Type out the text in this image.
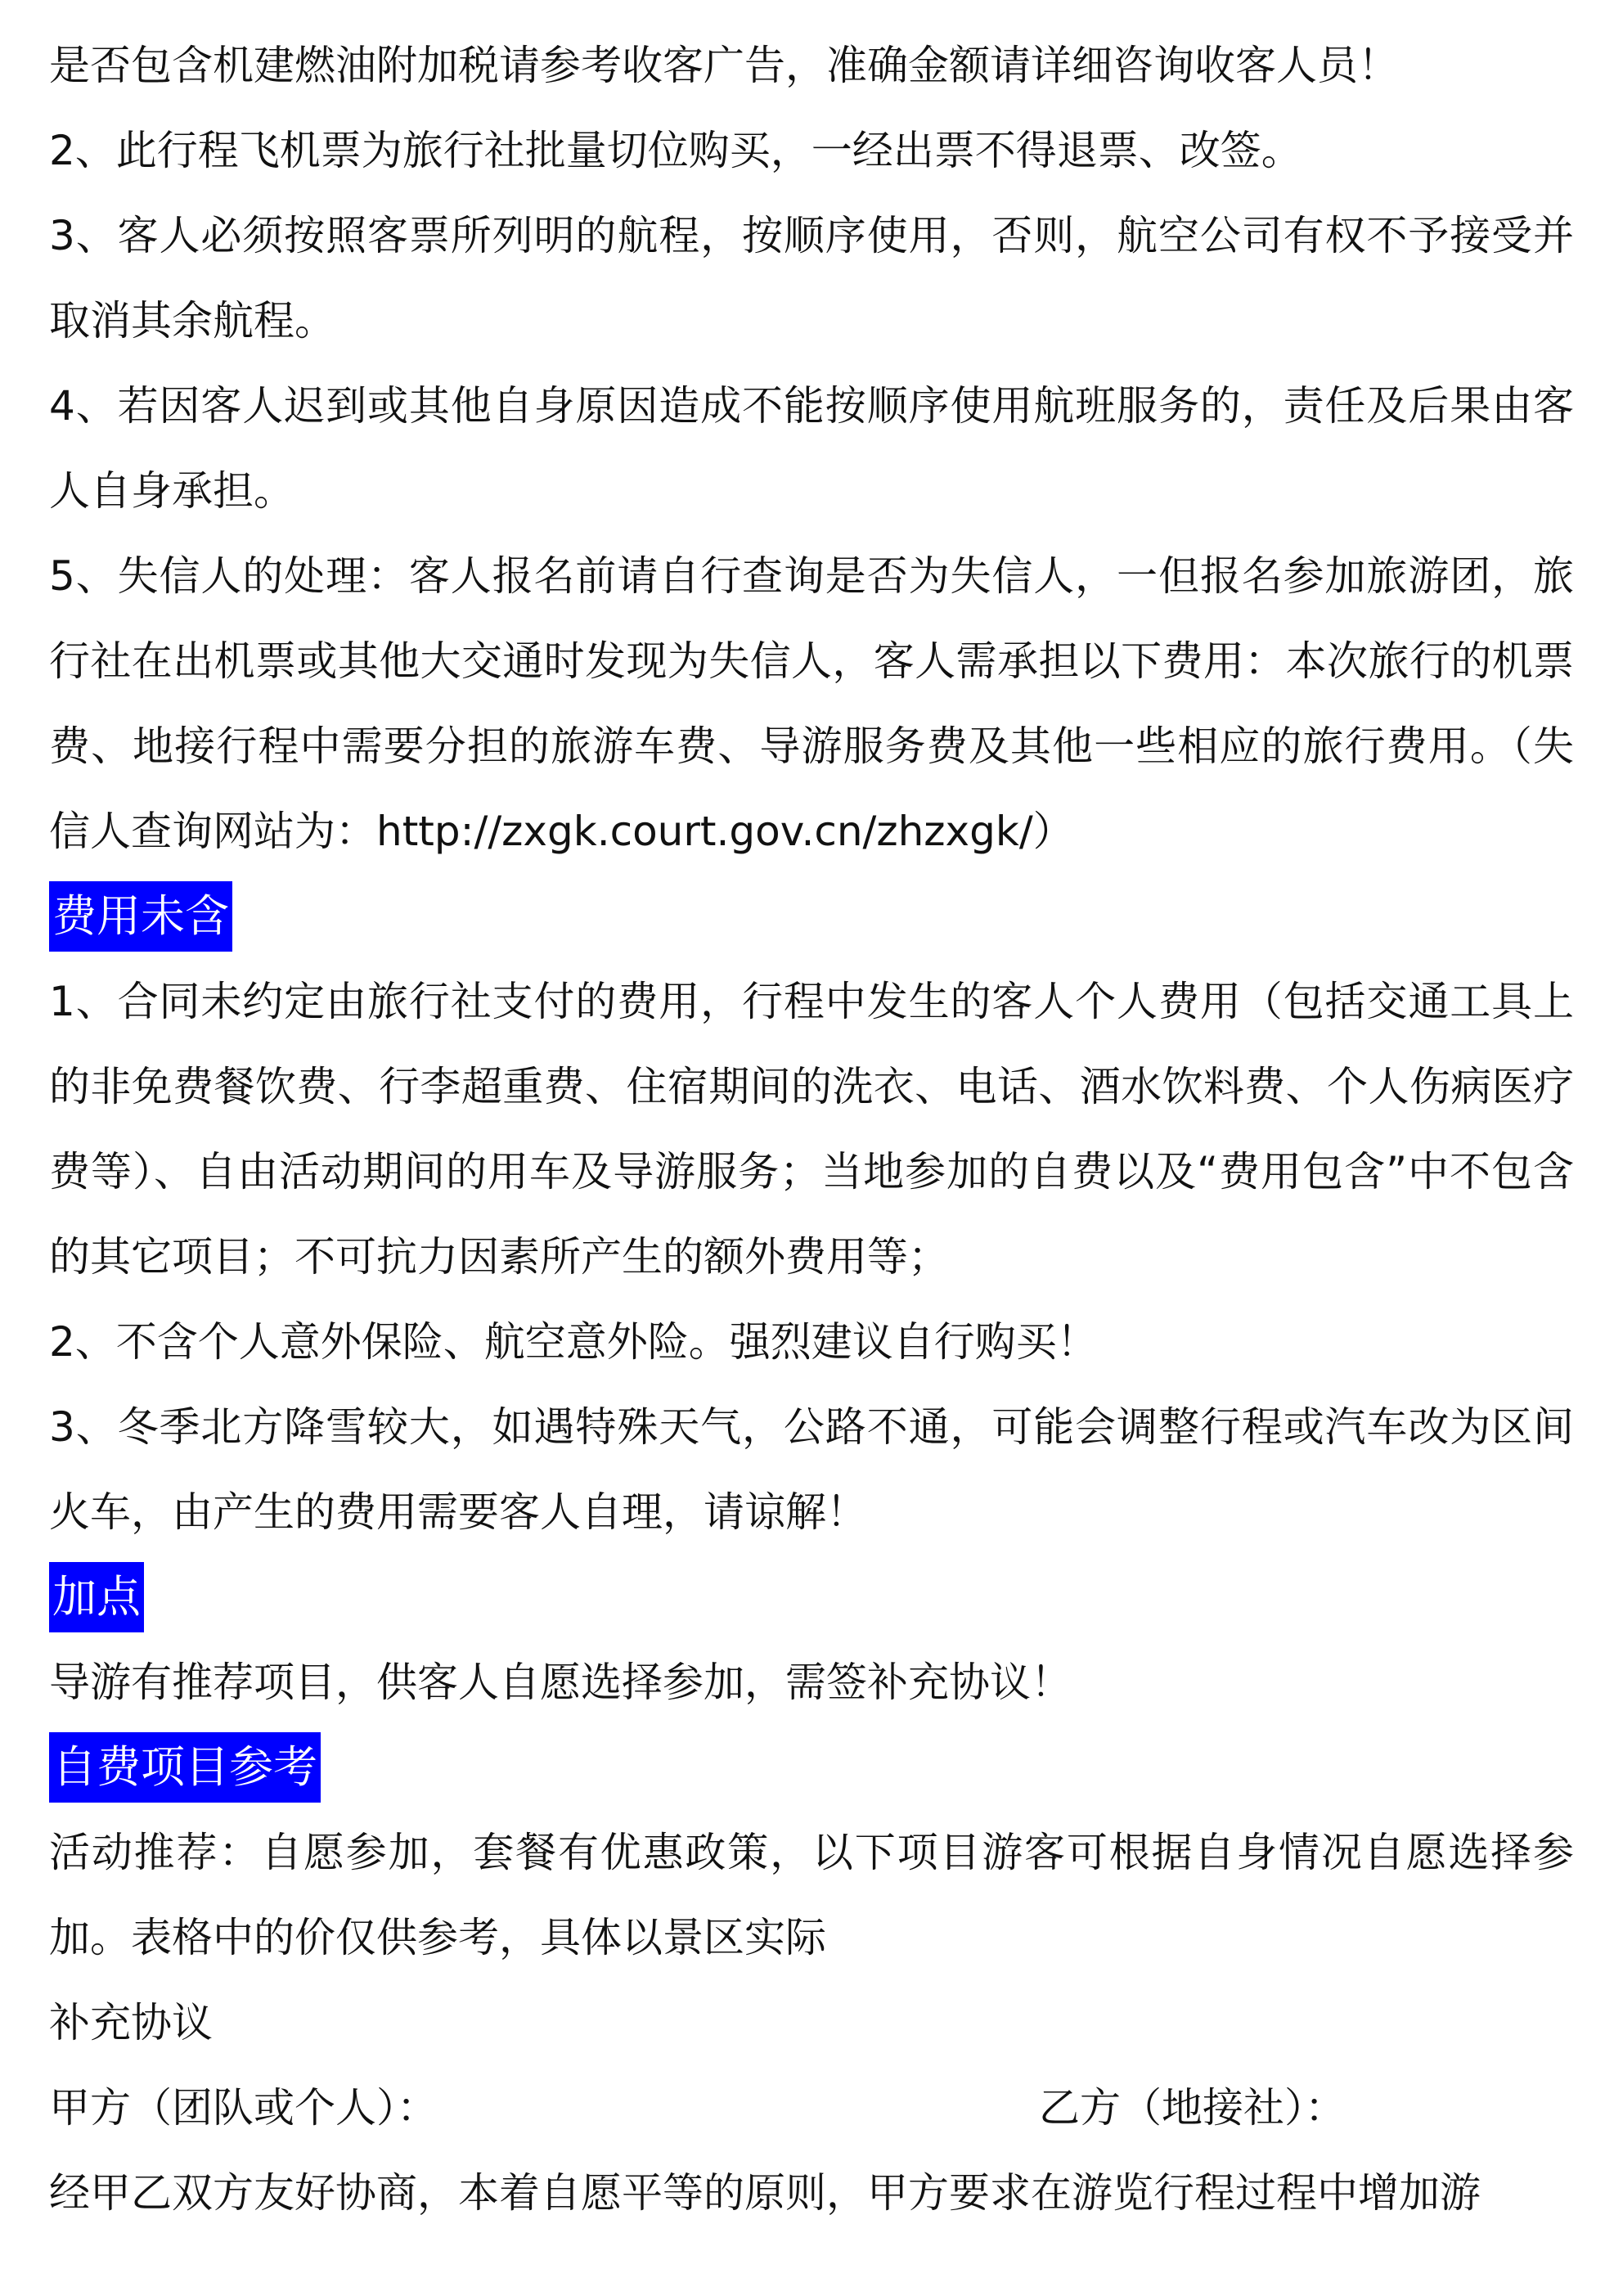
是否包含机建燃油附加税请参考收客广告，准确金额请详细咨询收客人员！

2、此行程飞机票为旅行社批量切位购买，一经出票不得退票、改签。

3、客人必须按照客票所列明的航程，按顺序使用，否则，航空公司有权不予接受并取消其余航程。

4、若因客人迟到或其他自身原因造成不能按顺序使用航班服务的，责任及后果由客人自身承担。

5、失信人的处理：客人报名前请自行查询是否为失信人，一但报名参加旅游团，旅行社在出机票或其他大交通时发现为失信人，客人需承担以下费用：本次旅行的机票费、地接行程中需要分担的旅游车费、导游服务费及其他一些相应的旅行费用。（失信人查询网站为：http://zxgk.court.gov.cn/zhzxgk/）

费用未含

1、合同未约定由旅行社支付的费用，行程中发生的客人个人费用（包括交通工具上的非免费餐饮费、行李超重费、住宿期间的洗衣、电话、酒水饮料费、个人伤病医疗费等）、自由活动期间的用车及导游服务；当地参加的自费以及“费用包含”中不包含的其它项目；不可抗力因素所产生的额外费用等；

2、不含个人意外保险、航空意外险。强烈建议自行购买！

3、冬季北方降雪较大，如遇特殊天气，公路不通，可能会调整行程或汽车改为区间火车，由产生的费用需要客人自理，请谅解！

加点

导游有推荐项目，供客人自愿选择参加，需签补充协议！

自费项目参考

活动推荐：自愿参加，套餐有优惠政策，以下项目游客可根据自身情况自愿选择参加。表格中的价仅供参考，具体以景区实际

补充协议

甲方（团队或个人）：	乙方（地接社）：

经甲乙双方友好协商，本着自愿平等的原则，甲方要求在游览行程过程中增加游
